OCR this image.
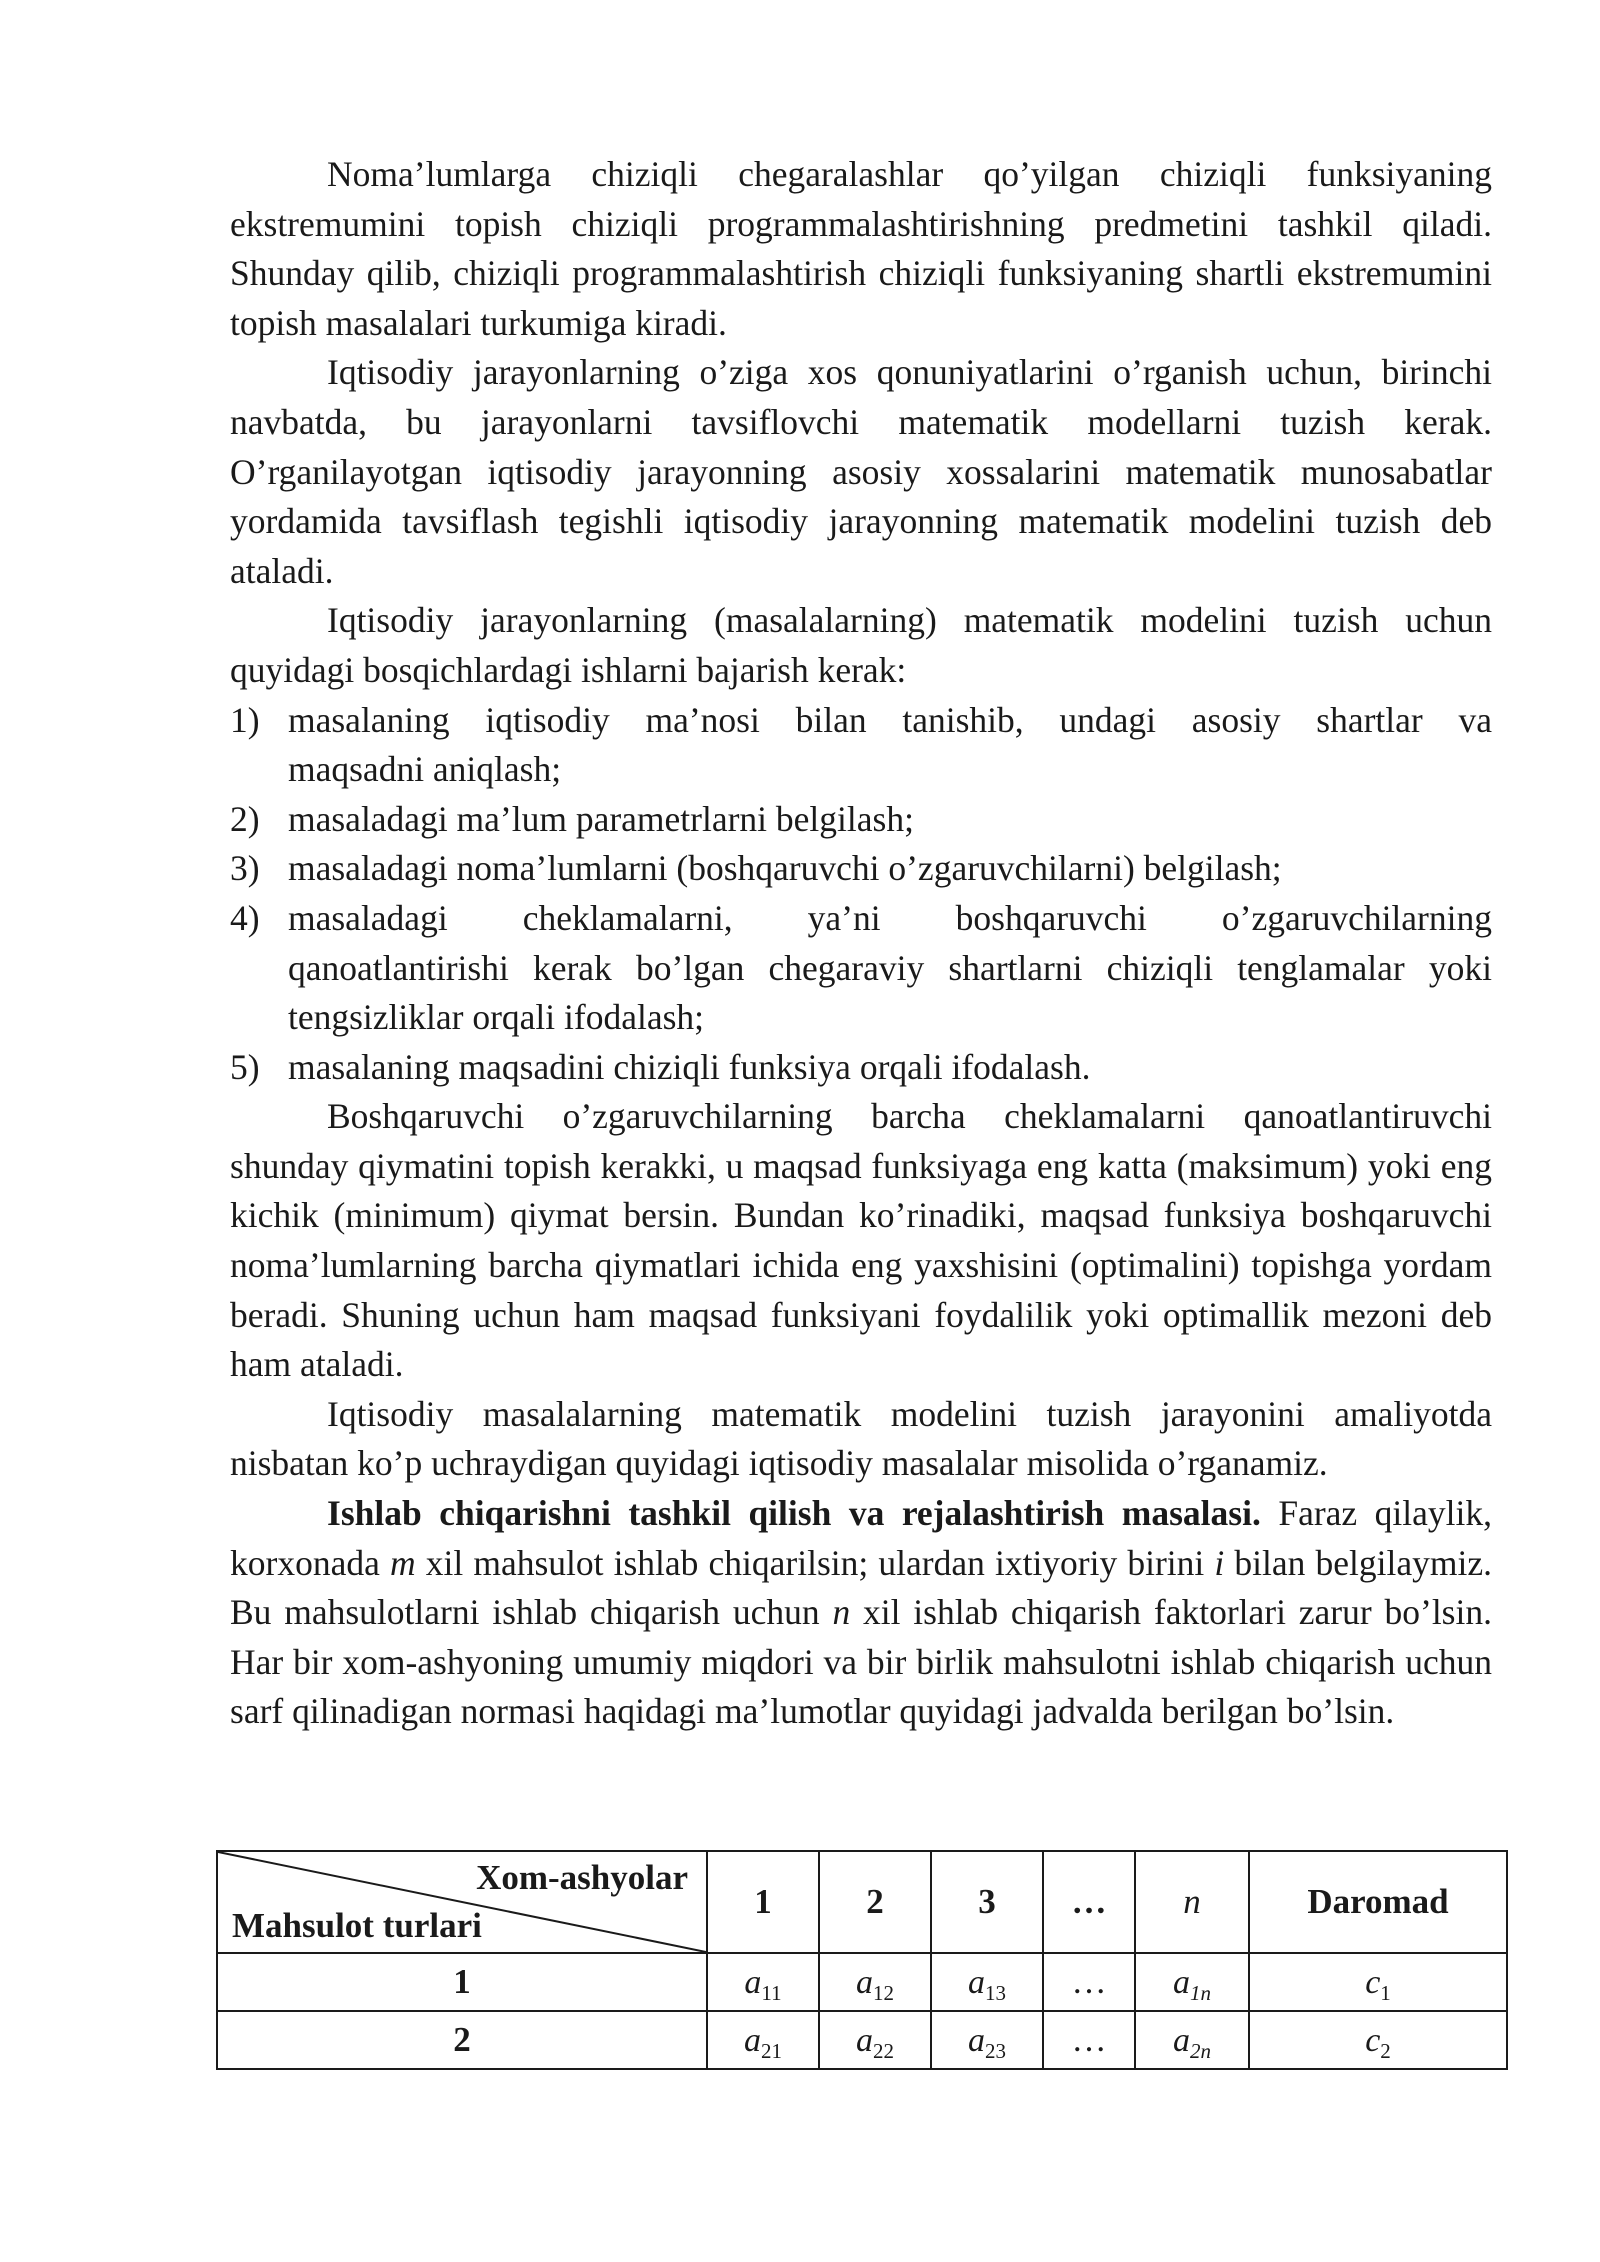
Noma’lumlarga chiziqli chegaralashlar qo’yilgan chiziqli funksiyaning ekstremumini topish chiziqli programmalashtirishning predmetini tashkil qiladi. Shunday qilib, chiziqli programmalashtirish chiziqli funksiyaning shartli ekstremumini topish masalalari turkumiga kiradi.

Iqtisodiy jarayonlarning o’ziga xos qonuniyatlarini o’rganish uchun, birinchi navbatda, bu jarayonlarni tavsiflovchi matematik modellarni tuzish kerak. O’rganilayotgan iqtisodiy jarayonning asosiy xossalarini matematik munosabatlar yordamida tavsiflash tegishli iqtisodiy jarayonning matematik modelini tuzish deb ataladi.

Iqtisodiy jarayonlarning (masalalarning) matematik modelini tuzish uchun quyidagi bosqichlardagi ishlarni bajarish kerak:

1) masalaning iqtisodiy ma’nosi bilan tanishib, undagi asosiy shartlar va
maqsadni aniqlash;
2) masaladagi ma’lum parametrlarni belgilash;
3) masaladagi noma’lumlarni (boshqaruvchi o’zgaruvchilarni) belgilash;
4) masaladagi cheklamalarni, ya’ni boshqaruvchi o’zgaruvchilarning
qanoatlantirishi kerak bo’lgan chegaraviy shartlarni chiziqli tenglamalar yoki
tengsizliklar orqali ifodalash;
5) masalaning maqsadini chiziqli funksiya orqali ifodalash.

Boshqaruvchi o’zgaruvchilarning barcha cheklamalarni qanoatlantiruvchi shunday qiymatini topish kerakki, u maqsad funksiyaga eng katta (maksimum) yoki eng kichik (minimum) qiymat bersin. Bundan ko’rinadiki, maqsad funksiya boshqaruvchi noma’lumlarning barcha qiymatlari ichida eng yaxshisini (optimalini) topishga yordam beradi. Shuning uchun ham maqsad funksiyani foydalilik yoki optimallik mezoni deb ham ataladi.

Iqtisodiy masalalarning matematik modelini tuzish jarayonini amaliyotda nisbatan ko’p uchraydigan quyidagi iqtisodiy masalalar misolida o’rganamiz.

Ishlab chiqarishni tashkil qilish va rejalashtirish masalasi. Faraz qilaylik, korxonada m xil mahsulot ishlab chiqarilsin; ulardan ixtiyoriy birini i bilan belgilaymiz. Bu mahsulotlarni ishlab chiqarish uchun n xil ishlab chiqarish faktorlari zarur bo’lsin. Har bir xom-ashyoning umumiy miqdori va bir birlik mahsulotni ishlab chiqarish uchun sarf qilinadigan normasi haqidagi ma’lumotlar quyidagi jadvalda berilgan bo’lsin.

Xom-ashyolar
Mahsulot turlari	1	2	3	…	n	Daromad
1	$a_{11}$	$a_{12}$	$a_{13}$	…	$a_{1n}$	$c_1$
2	$a_{21}$	$a_{22}$	$a_{23}$	…	$a_{2n}$	$c_2$
